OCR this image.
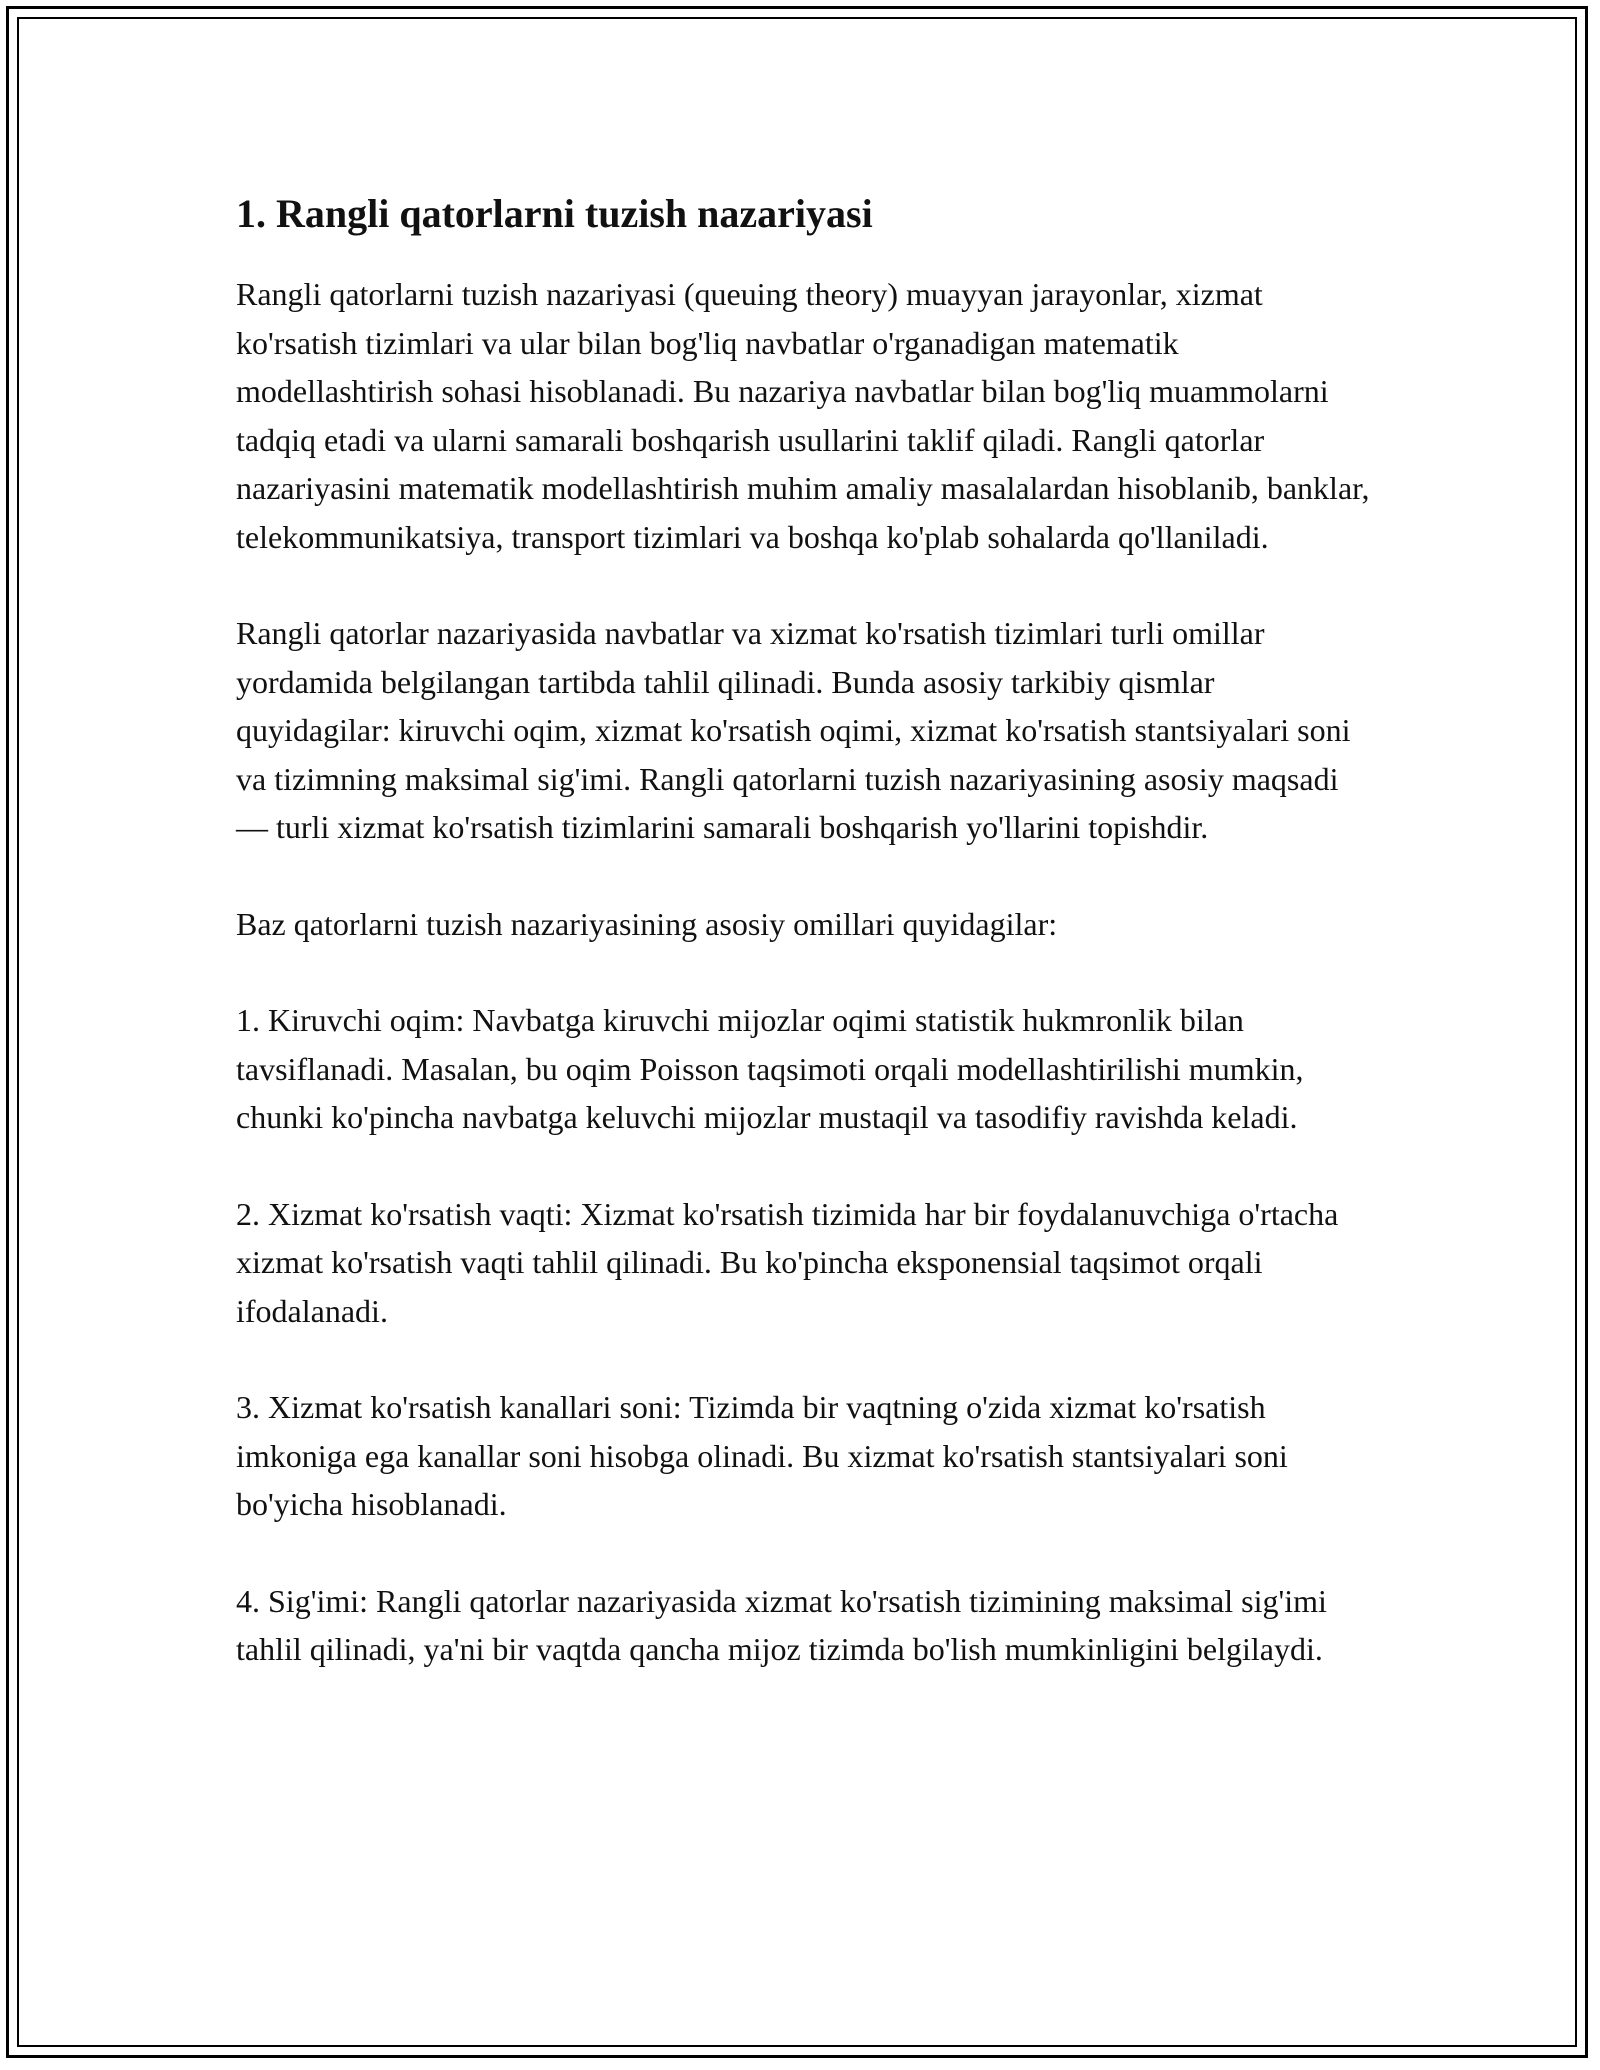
1. Rangli qatorlarni tuzish nazariyasi

Rangli qatorlarni tuzish nazariyasi (queuing theory) muayyan jarayonlar, xizmat ko'rsatish tizimlari va ular bilan bog'liq navbatlar o'rganadigan matematik modellashtirish sohasi hisoblanadi. Bu nazariya navbatlar bilan bog'liq muammolarni tadqiq etadi va ularni samarali boshqarish usullarini taklif qiladi. Rangli qatorlar nazariyasini matematik modellashtirish muhim amaliy masalalardan hisoblanib, banklar, telekommunikatsiya, transport tizimlari va boshqa ko'plab sohalarda qo'llaniladi.

Rangli qatorlar nazariyasida navbatlar va xizmat ko'rsatish tizimlari turli omillar yordamida belgilangan tartibda tahlil qilinadi. Bunda asosiy tarkibiy qismlar quyidagilar: kiruvchi oqim, xizmat ko'rsatish oqimi, xizmat ko'rsatish stantsiyalari soni va tizimning maksimal sig'imi. Rangli qatorlarni tuzish nazariyasining asosiy maqsadi — turli xizmat ko'rsatish tizimlarini samarali boshqarish yo'llarini topishdir.

Baz qatorlarni tuzish nazariyasining asosiy omillari quyidagilar:

1. Kiruvchi oqim: Navbatga kiruvchi mijozlar oqimi statistik hukmronlik bilan tavsiflanadi. Masalan, bu oqim Poisson taqsimoti orqali modellashtirilishi mumkin, chunki ko'pincha navbatga keluvchi mijozlar mustaqil va tasodifiy ravishda keladi.

2. Xizmat ko'rsatish vaqti: Xizmat ko'rsatish tizimida har bir foydalanuvchiga o'rtacha xizmat ko'rsatish vaqti tahlil qilinadi. Bu ko'pincha eksponensial taqsimot orqali ifodalanadi.

3. Xizmat ko'rsatish kanallari soni: Tizimda bir vaqtning o'zida xizmat ko'rsatish imkoniga ega kanallar soni hisobga olinadi. Bu xizmat ko'rsatish stantsiyalari soni bo'yicha hisoblanadi.

4. Sig'imi: Rangli qatorlar nazariyasida xizmat ko'rsatish tizimining maksimal sig'imi tahlil qilinadi, ya'ni bir vaqtda qancha mijoz tizimda bo'lish mumkinligini belgilaydi.
